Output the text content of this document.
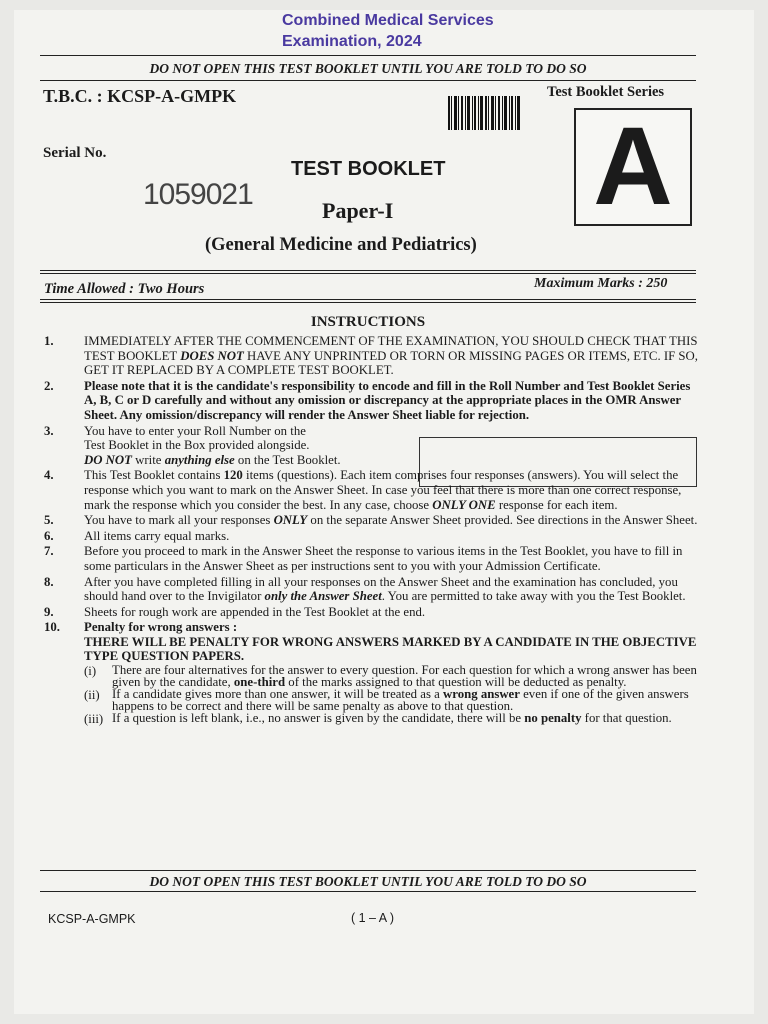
Combined Medical Services
Examination, 2024
DO NOT OPEN THIS TEST BOOKLET UNTIL YOU ARE TOLD TO DO SO
T.B.C. : KCSP-A-GMPK	Test Booklet Series
A
Serial No.
1059021
TEST BOOKLET
Paper-I
(General Medicine and Pediatrics)
Time Allowed : Two Hours	Maximum Marks : 250
INSTRUCTIONS
1.	IMMEDIATELY AFTER THE COMMENCEMENT OF THE EXAMINATION, YOU SHOULD CHECK THAT THIS TEST BOOKLET DOES NOT HAVE ANY UNPRINTED OR TORN OR MISSING PAGES OR ITEMS, ETC. IF SO, GET IT REPLACED BY A COMPLETE TEST BOOKLET.
2.	Please note that it is the candidate's responsibility to encode and fill in the Roll Number and Test Booklet Series A, B, C or D carefully and without any omission or discrepancy at the appropriate places in the OMR Answer Sheet. Any omission/discrepancy will render the Answer Sheet liable for rejection.
3.	You have to enter your Roll Number on the
Test Booklet in the Box provided alongside.
DO NOT write anything else on the Test Booklet.
4.	This Test Booklet contains 120 items (questions). Each item comprises four responses (answers). You will select the response which you want to mark on the Answer Sheet. In case you feel that there is more than one correct response, mark the response which you consider the best. In any case, choose ONLY ONE response for each item.
5.	You have to mark all your responses ONLY on the separate Answer Sheet provided. See directions in the Answer Sheet.
6.	All items carry equal marks.
7.	Before you proceed to mark in the Answer Sheet the response to various items in the Test Booklet, you have to fill in some particulars in the Answer Sheet as per instructions sent to you with your Admission Certificate.
8.	After you have completed filling in all your responses on the Answer Sheet and the examination has concluded, you should hand over to the Invigilator only the Answer Sheet. You are permitted to take away with you the Test Booklet.
9.	Sheets for rough work are appended in the Test Booklet at the end.
10.	Penalty for wrong answers :
THERE WILL BE PENALTY FOR WRONG ANSWERS MARKED BY A CANDIDATE IN THE OBJECTIVE TYPE QUESTION PAPERS.
(i)	There are four alternatives for the answer to every question. For each question for which a wrong answer has been given by the candidate, one-third of the marks assigned to that question will be deducted as penalty.
(ii) If a candidate gives more than one answer, it will be treated as a wrong answer even if one of the given answers happens to be correct and there will be same penalty as above to that question.
(iii) If a question is left blank, i.e., no answer is given by the candidate, there will be no penalty for that question.
DO NOT OPEN THIS TEST BOOKLET UNTIL YOU ARE TOLD TO DO SO
KCSP-A-GMPK	( 1 – A )
